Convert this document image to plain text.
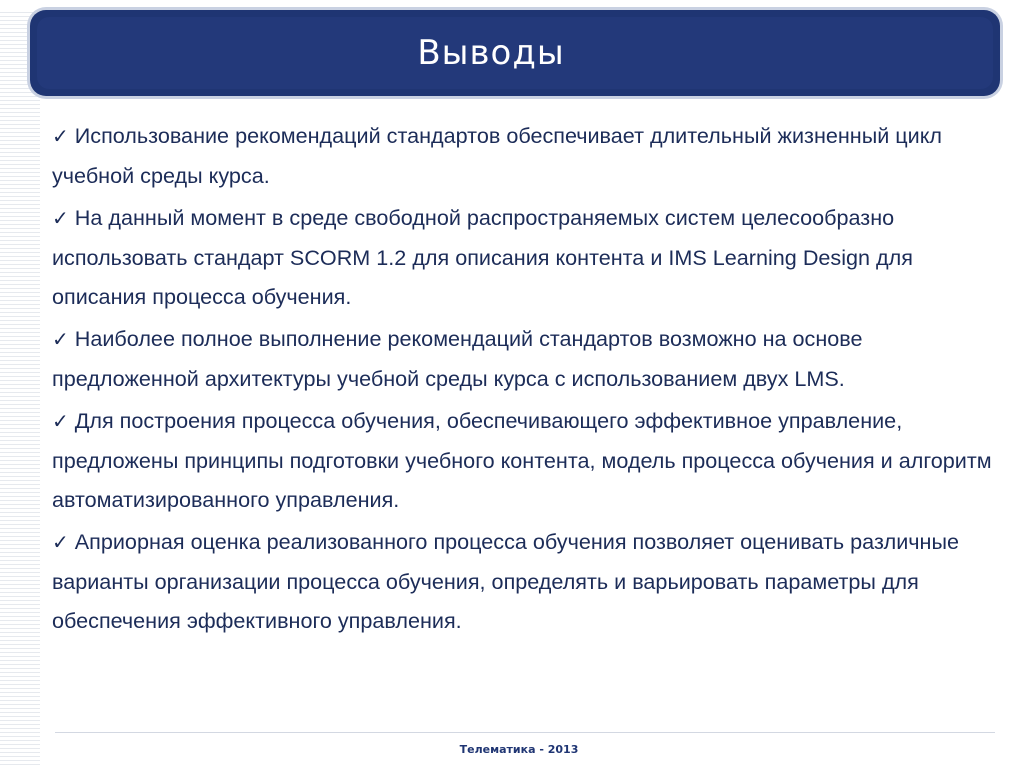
Выводы

✓ Использование рекомендаций стандартов обеспечивает длительный жизненный цикл учебной среды курса.

✓ На данный момент в среде свободной распространяемых систем целесообразно использовать стандарт SCORM 1.2 для описания контента и IMS Learning Design для описания процесса обучения.

✓ Наиболее полное выполнение рекомендаций стандартов возможно на основе предложенной архитектуры учебной среды курса с использованием двух LMS.

✓ Для построения процесса обучения, обеспечивающего эффективное управление, предложены принципы подготовки учебного контента, модель процесса обучения и алгоритм автоматизированного управления.

✓ Априорная оценка реализованного процесса обучения позволяет оценивать различные варианты организации процесса обучения, определять и варьировать параметры для обеспечения эффективного управления.

Телематика - 2013
